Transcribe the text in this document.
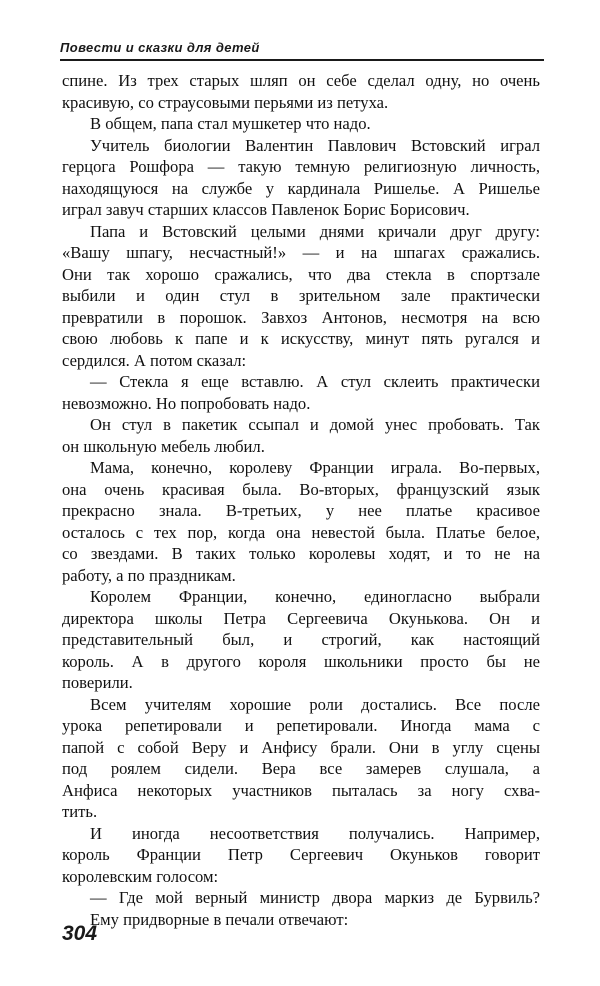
Повести и сказки для детей
спине. Из трех старых шляп он себе сделал одну, но очень
красивую, со страусовыми перьями из петуха.
В общем, папа стал мушкетер что надо.
Учитель биологии Валентин Павлович Встовский играл
герцога Рошфора — такую темную религиозную личность,
находящуюся на службе у кардинала Ришелье. А Ришелье
играл завуч старших классов Павленок Борис Борисович.
Папа и Встовский целыми днями кричали друг другу:
«Вашу шпагу, несчастный!» — и на шпагах сражались.
Они так хорошо сражались, что два стекла в спортзале
выбили и один стул в зрительном зале практически
превратили в порошок. Завхоз Антонов, несмотря на всю
свою любовь к папе и к искусству, минут пять ругался и
сердился. А потом сказал:
— Стекла я еще вставлю. А стул склеить практически
невозможно. Но попробовать надо.
Он стул в пакетик ссыпал и домой унес пробовать. Так
он школьную мебель любил.
Мама, конечно, королеву Франции играла. Во-первых,
она очень красивая была. Во-вторых, французский язык
прекрасно знала. В-третьих, у нее платье красивое
осталось с тех пор, когда она невестой была. Платье белое,
со звездами. В таких только королевы ходят, и то не на
работу, а по праздникам.
Королем Франции, конечно, единогласно выбрали
директора школы Петра Сергеевича Окунькова. Он и
представительный был, и строгий, как настоящий
король. А в другого короля школьники просто бы не
поверили.
Всем учителям хорошие роли достались. Все после
урока репетировали и репетировали. Иногда мама с
папой с собой Веру и Анфису брали. Они в углу сцены
под роялем сидели. Вера все замерев слушала, а
Анфиса некоторых участников пыталась за ногу схва-
тить.
И иногда несоответствия получались. Например,
король Франции Петр Сергеевич Окуньков говорит
королевским голосом:
— Где мой верный министр двора маркиз де Бурвиль?
Ему придворные в печали отвечают:
304
